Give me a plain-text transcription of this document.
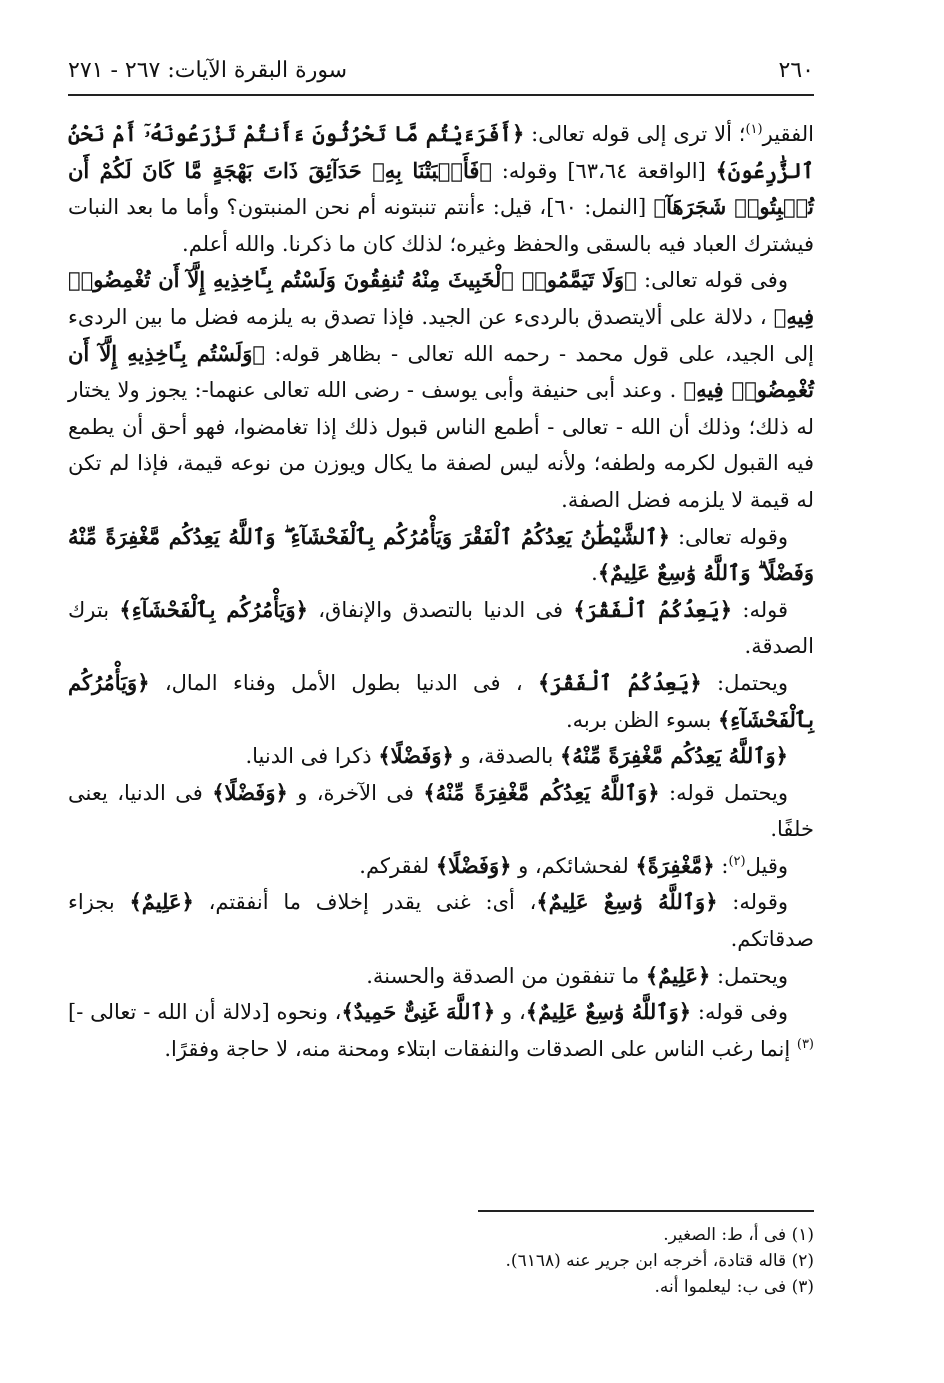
٢٦٠
سورة البقرة الآيات: ٢٦٧ - ٢٧١

الفقير$^{(١)}$؛ ألا ترى إلى قوله تعالى: ﴿أَفَرَءَيْتُم مَّا تَحْرُثُونَ ءَأَنتُمْ تَزْرَعُونَهُۥٓ أَمْ نَحْنُ ٱلزَّٰرِعُونَ﴾ [الواقعة ٦٣،٦٤] وقوله: ﴿فَأَنۢبَتْنَا بِهِۦ حَدَآئِقَ ذَاتَ بَهْجَةٍ مَّا كَانَ لَكُمْ أَن تُنۢبِتُوا۟ شَجَرَهَآ﴾ [النمل: ٦٠]، قيل: ءأنتم تنبتونه أم نحن المنبتون؟ وأما ما بعد النبات فيشترك العباد فيه بالسقى والحفظ وغيره؛ لذلك كان ما ذكرنا. والله أعلم.

وفى قوله تعالى: ﴿وَلَا تَيَمَّمُوا۟ ٱلْخَبِيثَ مِنْهُ تُنفِقُونَ وَلَسْتُم بِـَٔاخِذِيهِ إِلَّآ أَن تُغْمِضُوا۟ فِيهِ﴾ ، دلالة على ألايتصدق بالردىء عن الجيد. فإذا تصدق به يلزمه فضل ما بين الردىء إلى الجيد، على قول محمد - رحمه الله تعالى - بظاهر قوله: ﴿وَلَسْتُم بِـَٔاخِذِيهِ إِلَّآ أَن تُغْمِضُوا۟ فِيهِ﴾ . وعند أبى حنيفة وأبى يوسف - رضى الله تعالى عنهما-: يجوز ولا يختار له ذلك؛ وذلك أن الله - تعالى - أطمع الناس قبول ذلك إذا تغامضوا، فهو أحق أن يطمع فيه القبول لكرمه ولطفه؛ ولأنه ليس لصفة ما يكال ويوزن من نوعه قيمة، فإذا لم تكن له قيمة لا يلزمه فضل الصفة.

وقوله تعالى: ﴿ٱلشَّيْطَٰنُ يَعِدُكُمُ ٱلْفَقْرَ وَيَأْمُرُكُم بِٱلْفَحْشَآءِ ۖ وَٱللَّهُ يَعِدُكُم مَّغْفِرَةً مِّنْهُ وَفَضْلًا ۗ وَٱللَّهُ وَٰسِعٌ عَلِيمٌ﴾.

قوله: ﴿يَعِدُكُمُ ٱلْفَقْرَ﴾ فى الدنيا بالتصدق والإنفاق، ﴿وَيَأْمُرُكُم بِٱلْفَحْشَآءِ﴾ بترك الصدقة.

ويحتمل: ﴿يَعِدُكُمُ ٱلْفَقْرَ﴾ ، فى الدنيا بطول الأمل وفناء المال، ﴿وَيَأْمُرُكُم بِٱلْفَحْشَآءِ﴾ بسوء الظن بربه.

﴿وَٱللَّهُ يَعِدُكُم مَّغْفِرَةً مِّنْهُ﴾ بالصدقة، و ﴿وَفَضْلًا﴾ ذكرا فى الدنيا.

ويحتمل قوله: ﴿وَٱللَّهُ يَعِدُكُم مَّغْفِرَةً مِّنْهُ﴾ فى الآخرة، و ﴿وَفَضْلًا﴾ فى الدنيا، يعنى خلفًا.

وقيل$^{(٢)}$: ﴿مَّغْفِرَةً﴾ لفحشائكم، و ﴿وَفَضْلًا﴾ لفقركم.

وقوله: ﴿وَٱللَّهُ وَٰسِعٌ عَلِيمٌ﴾، أى: غنى يقدر إخلاف ما أنفقتم، ﴿عَلِيمٌ﴾ بجزاء صدقاتكم.

ويحتمل: ﴿عَلِيمٌ﴾ ما تنفقون من الصدقة والحسنة.

وفى قوله: ﴿وَٱللَّهُ وَٰسِعٌ عَلِيمٌ﴾، و ﴿ٱللَّهَ غَنِىٌّ حَمِيدٌ﴾، ونحوه [دلالة أن الله - تعالى -]$^{(٣)}$ إنما رغب الناس على الصدقات والنفقات ابتلاء ومحنة منه، لا حاجة وفقرًا.

(١) فى أ، ط: الصغير.
(٢) قاله قتادة، أخرجه ابن جرير عنه (٦١٦٨).
(٣) فى ب: ليعلموا أنه.
